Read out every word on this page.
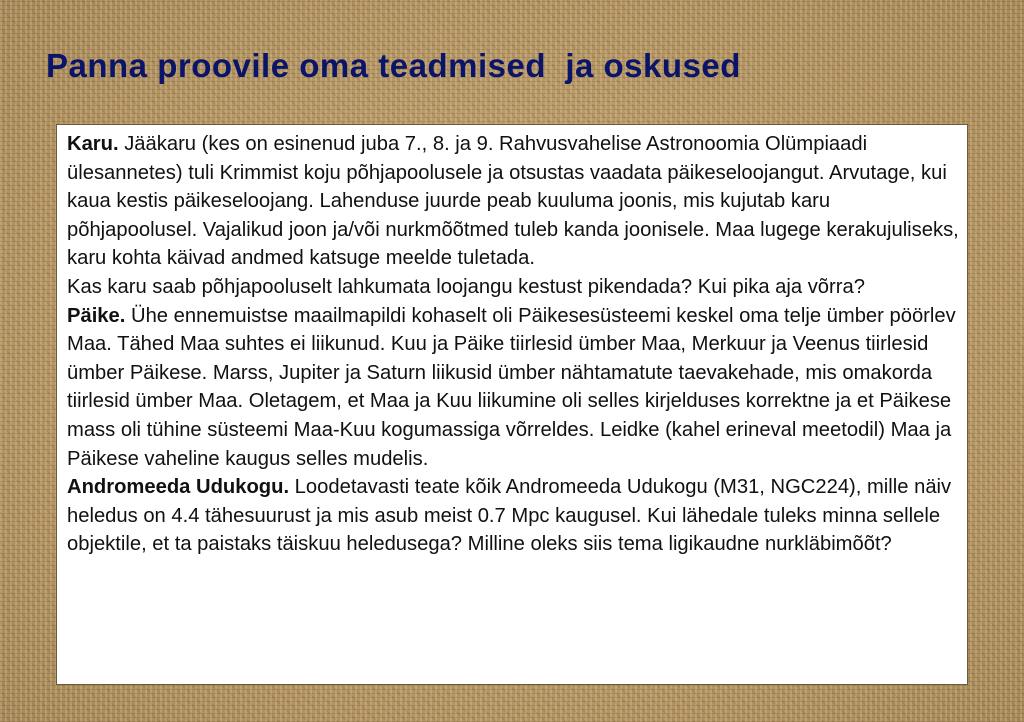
Panna proovile oma teadmised  ja oskused

Karu. Jääkaru (kes on esinenud juba 7., 8. ja 9. Rahvusvahelise Astronoomia Olümpiaadi ülesannetes) tuli Krimmist koju põhjapoolusele ja otsustas vaadata päikeseloojangut. Arvutage, kui kaua kestis päikeseloojang. Lahenduse juurde peab kuuluma joonis, mis kujutab karu põhjapoolusel. Vajalikud joon ja/või nurkmõõtmed tuleb kanda joonisele. Maa lugege kerakujuliseks, karu kohta käivad andmed katsuge meelde tuletada.

Kas karu saab põhjapooluselt lahkumata loojangu kestust pikendada? Kui pika aja võrra?

Päike. Ühe ennemuistse maailmapildi kohaselt oli Päikesesüsteemi keskel oma telje ümber pöörlev Maa. Tähed Maa suhtes ei liikunud. Kuu ja Päike tiirlesid ümber Maa, Merkuur ja Veenus tiirlesid ümber Päikese. Marss, Jupiter ja Saturn liikusid ümber nähtamatute taevakehade, mis omakorda tiirlesid ümber Maa. Oletagem, et Maa ja Kuu liikumine oli selles kirjelduses korrektne ja et Päikese mass oli tühine süsteemi Maa-Kuu kogumassiga võrreldes. Leidke (kahel erineval meetodil) Maa ja Päikese vaheline kaugus selles mudelis.

Andromeeda Udukogu. Loodetavasti teate kõik Andromeeda Udukogu (M31, NGC224), mille näiv heledus on 4.4 tähesuurust ja mis asub meist 0.7 Mpc kaugusel. Kui lähedale tuleks minna sellele objektile, et ta paistaks täiskuu heledusega? Milline oleks siis tema ligikaudne nurkläbimõõt?
